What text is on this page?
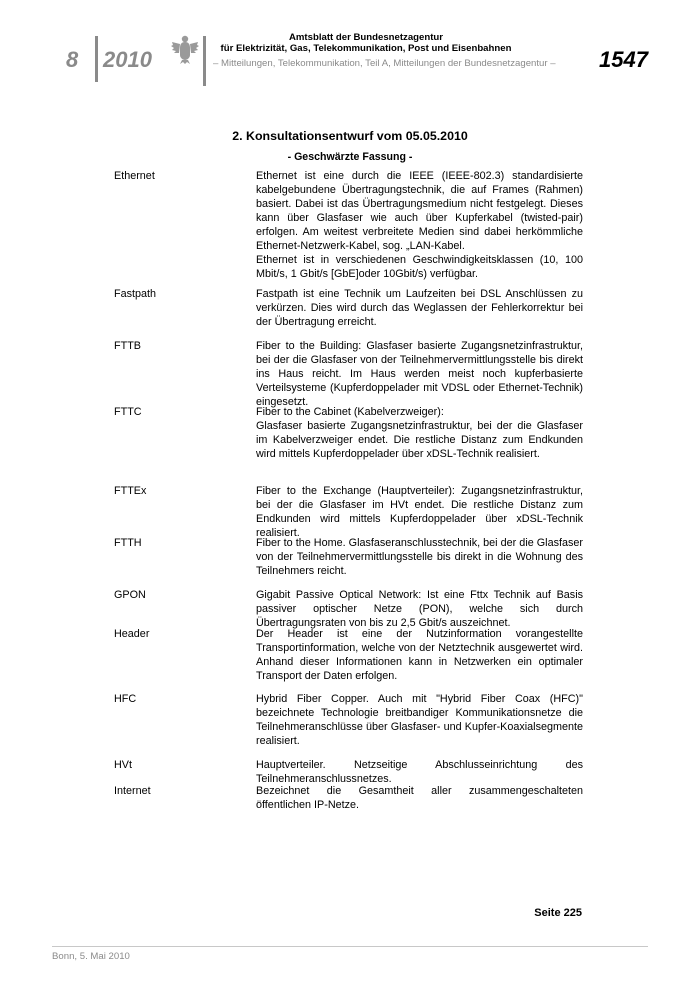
8 2010
Amtsblatt der Bundesnetzagentur
für Elektrizität, Gas, Telekommunikation, Post und Eisenbahnen
– Mitteilungen, Telekommunikation, Teil A, Mitteilungen der Bundesnetzagentur – 1547
2. Konsultationsentwurf vom 05.05.2010
- Geschwärzte Fassung -
Ethernet	Ethernet ist eine durch die IEEE (IEEE-802.3) standardisierte kabelgebundene Übertragungstechnik, die auf Frames (Rahmen) basiert. Dabei ist das Übertragungsmedium nicht festgelegt. Dieses kann über Glasfaser wie auch über Kupferkabel (twisted-pair) erfolgen. Am weitest verbreitete Medien sind dabei herkömmliche Ethernet-Netzwerk-Kabel, sog. „LAN-Kabel.

Ethernet ist in verschiedenen Geschwindigkeitsklassen (10, 100 Mbit/s, 1 Gbit/s [GbE]oder 10Gbit/s) verfügbar.

Fastpath	Fastpath ist eine Technik um Laufzeiten bei DSL Anschlüssen zu verkürzen. Dies wird durch das Weglassen der Fehlerkorrektur bei der Übertragung erreicht.

FTTB	Fiber to the Building: Glasfaser basierte Zugangsnetzinfrastruktur, bei der die Glasfaser von der Teilnehmervermittlungsstelle bis direkt ins Haus reicht. Im Haus werden meist noch kupferbasierte Verteilsysteme (Kupferdoppelader mit VDSL oder Ethernet-Technik) eingesetzt.

FTTC	Fiber to the Cabinet (Kabelverzweiger):

Glasfaser basierte Zugangsnetzinfrastruktur, bei der die Glasfaser im Kabelverzweiger endet. Die restliche Distanz zum Endkunden wird mittels Kupferdoppelader über xDSL-Technik realisiert.

FTTEx	Fiber to the Exchange (Hauptverteiler): Zugangsnetzinfrastruktur, bei der die Glasfaser im HVt endet. Die restliche Distanz zum Endkunden wird mittels Kupferdoppelader über xDSL-Technik realisiert.

FTTH	Fiber to the Home. Glasfaseranschlusstechnik, bei der die Glasfaser von der Teilnehmervermittlungsstelle bis direkt in die Wohnung des Teilnehmers reicht.

GPON	Gigabit Passive Optical Network: Ist eine Fttx Technik auf Basis passiver optischer Netze (PON), welche sich durch Übertragungsraten von bis zu 2,5 Gbit/s auszeichnet.

Header	Der Header ist eine der Nutzinformation vorangestellte Transportinformation, welche von der Netztechnik ausgewertet wird. Anhand dieser Informationen kann in Netzwerken ein optimaler Transport der Daten erfolgen.

HFC	Hybrid Fiber Copper. Auch mit "Hybrid Fiber Coax (HFC)" bezeichnete Technologie breitbandiger Kommunikationsnetze die Teilnehmeranschlüsse über Glasfaser- und Kupfer-Koaxialsegmente realisiert.

HVt	Hauptverteiler. Netzseitige Abschlusseinrichtung des Teilnehmeranschlussnetzes.

Internet	Bezeichnet die Gesamtheit aller zusammengeschalteten öffentlichen IP-Netze.

Seite 225
Bonn, 5. Mai 2010
